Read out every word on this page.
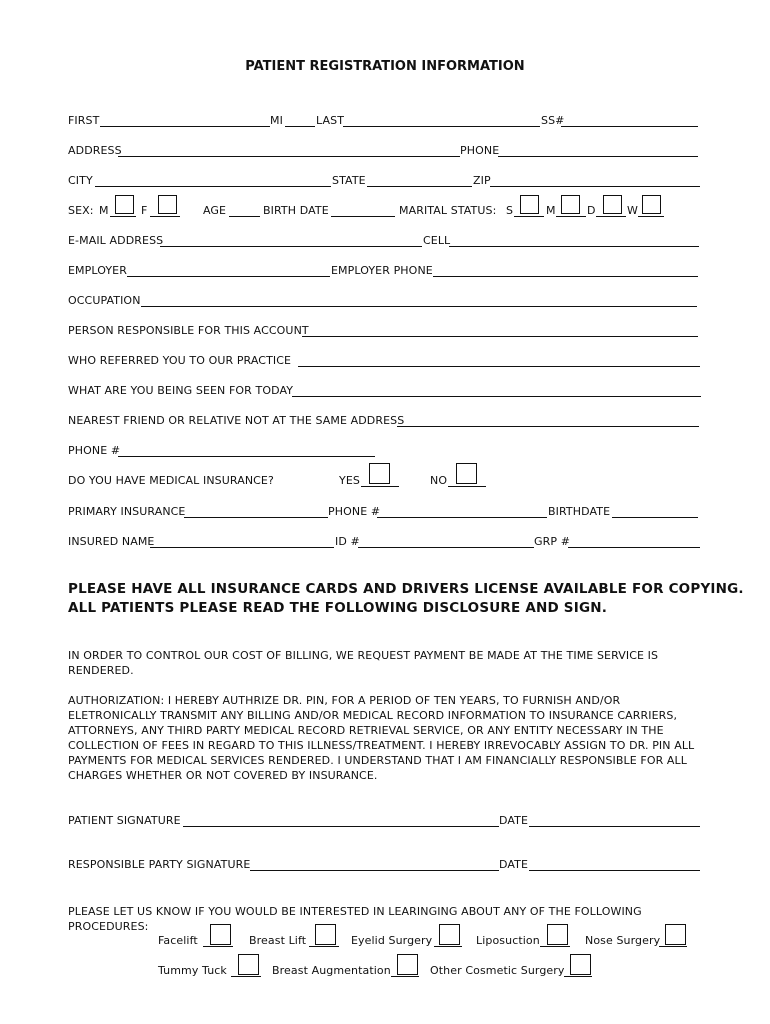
PATIENT REGISTRATION INFORMATION
FIRST	MI	LAST	SS#
ADDRESS	PHONE
CITY	STATE	ZIP
SEX: M	F	AGE	BIRTH DATE	MARITAL STATUS: S	M	D	W
E-MAIL ADDRESS	CELL
EMPLOYER	EMPLOYER PHONE
OCCUPATION
PERSON RESPONSIBLE FOR THIS ACCOUNT
WHO REFERRED YOU TO OUR PRACTICE
WHAT ARE YOU BEING SEEN FOR TODAY
NEAREST FRIEND OR RELATIVE NOT AT THE SAME ADDRESS
PHONE #
DO YOU HAVE MEDICAL INSURANCE?	YES	NO
PRIMARY INSURANCE	PHONE #	BIRTHDATE
INSURED NAME	ID #	GRP #
PLEASE HAVE ALL INSURANCE CARDS AND DRIVERS LICENSE AVAILABLE FOR COPYING.
ALL PATIENTS PLEASE READ THE FOLLOWING DISCLOSURE AND SIGN.
IN ORDER TO CONTROL OUR COST OF BILLING, WE REQUEST PAYMENT BE MADE AT THE TIME SERVICE IS
RENDERED.
AUTHORIZATION: I HEREBY AUTHRIZE DR. PIN, FOR A PERIOD OF TEN YEARS, TO FURNISH AND/OR
ELETRONICALLY TRANSMIT ANY BILLING AND/OR MEDICAL RECORD INFORMATION TO INSURANCE CARRIERS,
ATTORNEYS, ANY THIRD PARTY MEDICAL RECORD RETRIEVAL SERVICE, OR ANY ENTITY NECESSARY IN THE
COLLECTION OF FEES IN REGARD TO THIS ILLNESS/TREATMENT. I HEREBY IRREVOCABLY ASSIGN TO DR. PIN ALL
PAYMENTS FOR MEDICAL SERVICES RENDERED. I UNDERSTAND THAT I AM FINANCIALLY RESPONSIBLE FOR ALL
CHARGES WHETHER OR NOT COVERED BY INSURANCE.
PATIENT SIGNATURE	DATE
RESPONSIBLE PARTY SIGNATURE	DATE
PLEASE LET US KNOW IF YOU WOULD BE INTERESTED IN LEARINGING ABOUT ANY OF THE FOLLOWING
PROCEDURES:
Facelift	Breast Lift	Eyelid Surgery	Liposuction	Nose Surgery
Tummy Tuck	Breast Augmentation	Other Cosmetic Surgery
